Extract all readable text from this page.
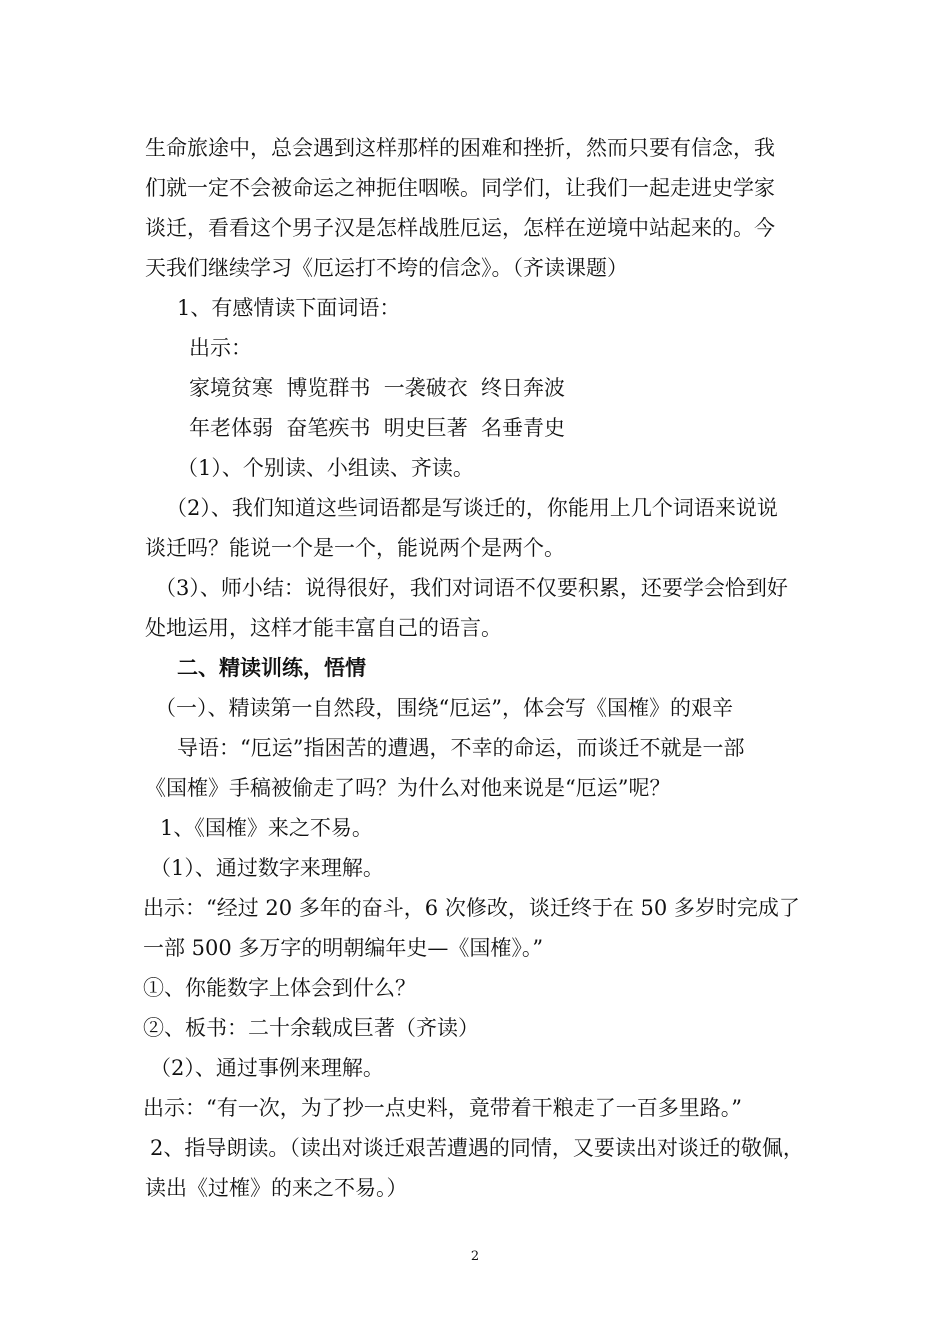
生命旅途中，总会遇到这样那样的困难和挫折，然而只要有信念，我
们就一定不会被命运之神扼住咽喉。同学们，让我们一起走进史学家
谈迁，看看这个男子汉是怎样战胜厄运，怎样在逆境中站起来的。今
天我们继续学习《厄运打不垮的信念》。（齐读课题）
1、有感情读下面词语：
出示：
家境贫寒  博览群书  一袭破衣  终日奔波
年老体弱  奋笔疾书  明史巨著  名垂青史
（1）、个别读、小组读、齐读。
（2）、我们知道这些词语都是写谈迁的，你能用上几个词语来说说
谈迁吗？能说一个是一个，能说两个是两个。
（3）、师小结：说得很好，我们对词语不仅要积累，还要学会恰到好
处地运用，这样才能丰富自己的语言。
二、精读训练，悟情
（一）、精读第一自然段，围绕“厄运”，体会写《国榷》的艰辛
导语：“厄运”指困苦的遭遇，不幸的命运，而谈迁不就是一部
《国榷》手稿被偷走了吗？为什么对他来说是“厄运”呢？
1、《国榷》来之不易。
（1）、通过数字来理解。
出示：“经过 20 多年的奋斗，6 次修改，谈迁终于在 50 多岁时完成了
一部 500 多万字的明朝编年史—《国榷》。”
①、你能数字上体会到什么？
②、板书：二十余载成巨著（齐读）
（2）、通过事例来理解。
出示：“有一次，为了抄一点史料，竟带着干粮走了一百多里路。”
2、指导朗读。（读出对谈迁艰苦遭遇的同情，又要读出对谈迁的敬佩，
读出《过榷》的来之不易。）
2
